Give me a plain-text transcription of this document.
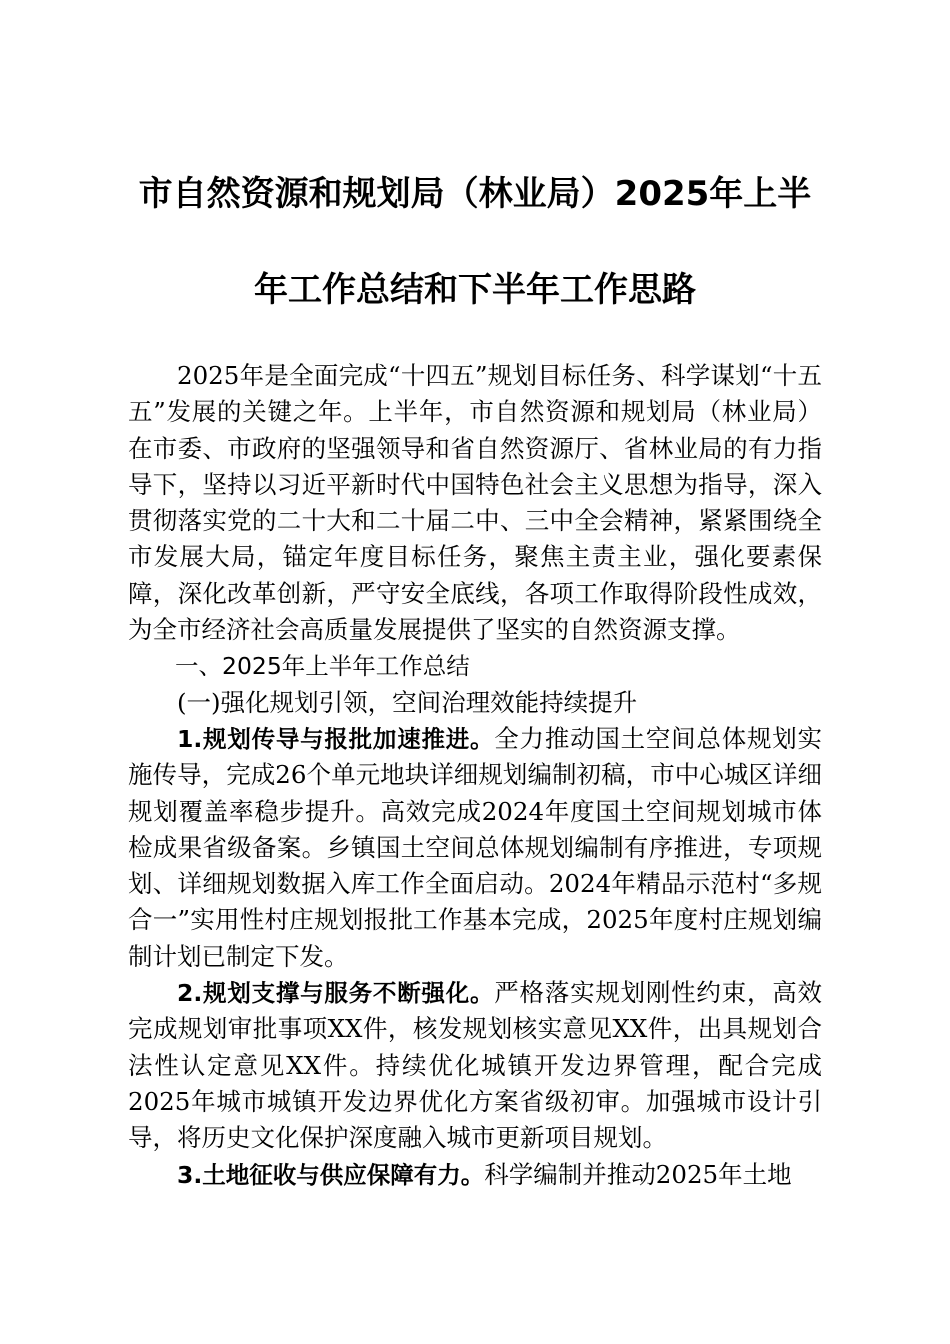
市自然资源和规划局（林业局）2025年上半
年工作总结和下半年工作思路

2025年是全面完成“十四五”规划目标任务、科学谋划“十五五”发展的关键之年。上半年，市自然资源和规划局（林业局）在市委、市政府的坚强领导和省自然资源厅、省林业局的有力指导下，坚持以习近平新时代中国特色社会主义思想为指导，深入贯彻落实党的二十大和二十届二中、三中全会精神，紧紧围绕全市发展大局，锚定年度目标任务，聚焦主责主业，强化要素保障，深化改革创新，严守安全底线，各项工作取得阶段性成效，为全市经济社会高质量发展提供了坚实的自然资源支撑。

一、2025年上半年工作总结

(一)强化规划引领，空间治理效能持续提升

1.规划传导与报批加速推进。全力推动国土空间总体规划实施传导，完成26个单元地块详细规划编制初稿，市中心城区详细规划覆盖率稳步提升。高效完成2024年度国土空间规划城市体检成果省级备案。乡镇国土空间总体规划编制有序推进，专项规划、详细规划数据入库工作全面启动。2024年精品示范村“多规合一”实用性村庄规划报批工作基本完成，2025年度村庄规划编制计划已制定下发。

2.规划支撑与服务不断强化。严格落实规划刚性约束，高效完成规划审批事项XX件，核发规划核实意见XX件，出具规划合法性认定意见XX件。持续优化城镇开发边界管理，配合完成2025年城市城镇开发边界优化方案省级初审。加强城市设计引导，将历史文化保护深度融入城市更新项目规划。

3.土地征收与供应保障有力。科学编制并推动2025年土地
